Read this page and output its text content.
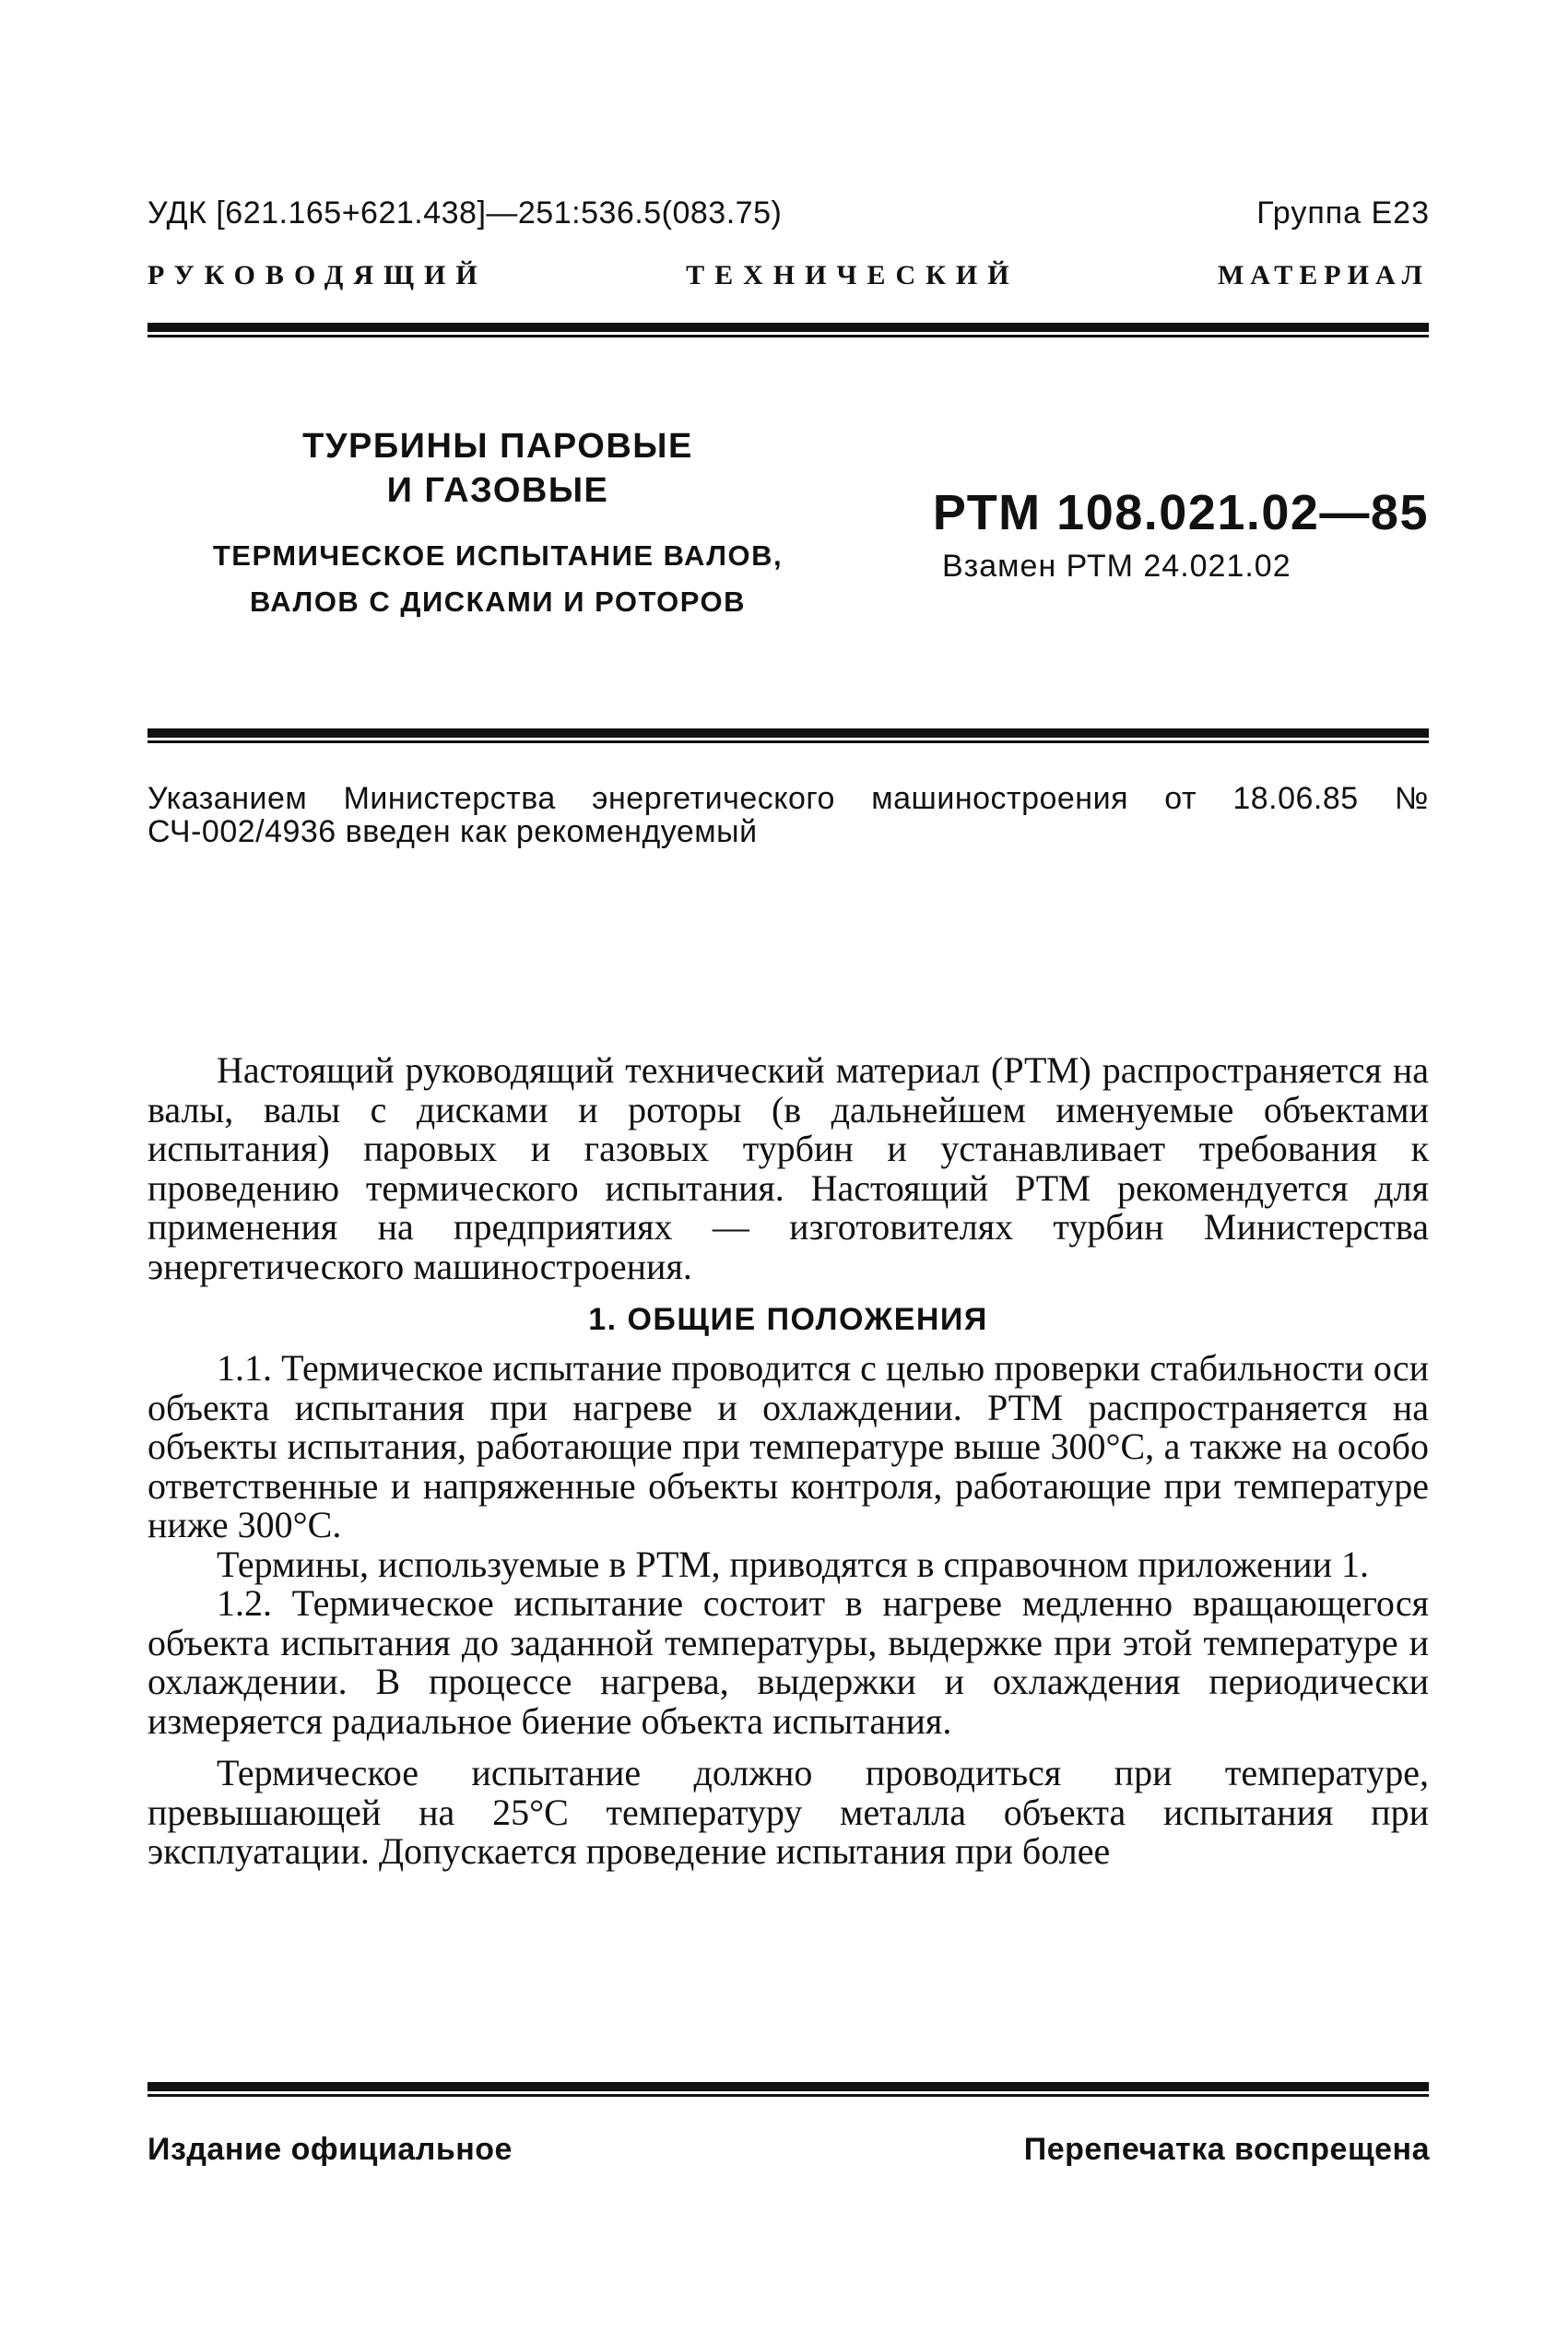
УДК [621.165+621.438]—251:536.5(083.75)	Группа Е23
РУКОВОДЯЩИЙ	ТЕХНИЧЕСКИЙ	МАТЕРИАЛ
ТУРБИНЫ ПАРОВЫЕ
И ГАЗОВЫЕ
ТЕРМИЧЕСКОЕ ИСПЫТАНИЕ ВАЛОВ,
ВАЛОВ С ДИСКАМИ И РОТОРОВ
РТМ 108.021.02—85
Взамен РТМ 24.021.02
Указанием Министерства энергетического машиностроения от 18.06.85 № СЧ-002/4936 введен как рекомендуемый

Настоящий руководящий технический материал (РТМ) распространяется на валы, валы с дисками и роторы (в дальнейшем именуемые объектами испытания) паровых и газовых турбин и устанавливает требования к проведению термического испытания. Настоящий РТМ рекомендуется для применения на предприятиях — изготовителях турбин Министерства энергетического машиностроения.

1. ОБЩИЕ ПОЛОЖЕНИЯ

1.1. Термическое испытание проводится с целью проверки стабильности оси объекта испытания при нагреве и охлаждении. РТМ распространяется на объекты испытания, работающие при температуре выше 300°С, а также на особо ответственные и напряженные объекты контроля, работающие при температуре ниже 300°С.

Термины, используемые в РТМ, приводятся в справочном приложении 1.

1.2. Термическое испытание состоит в нагреве медленно вращающегося объекта испытания до заданной температуры, выдержке при этой температуре и охлаждении. В процессе нагрева, выдержки и охлаждения периодически измеряется радиальное биение объекта испытания.

Термическое испытание должно проводиться при температуре, превышающей на 25°С температуру металла объекта испытания при эксплуатации. Допускается проведение испытания при более

Издание официальное	Перепечатка воспрещена
